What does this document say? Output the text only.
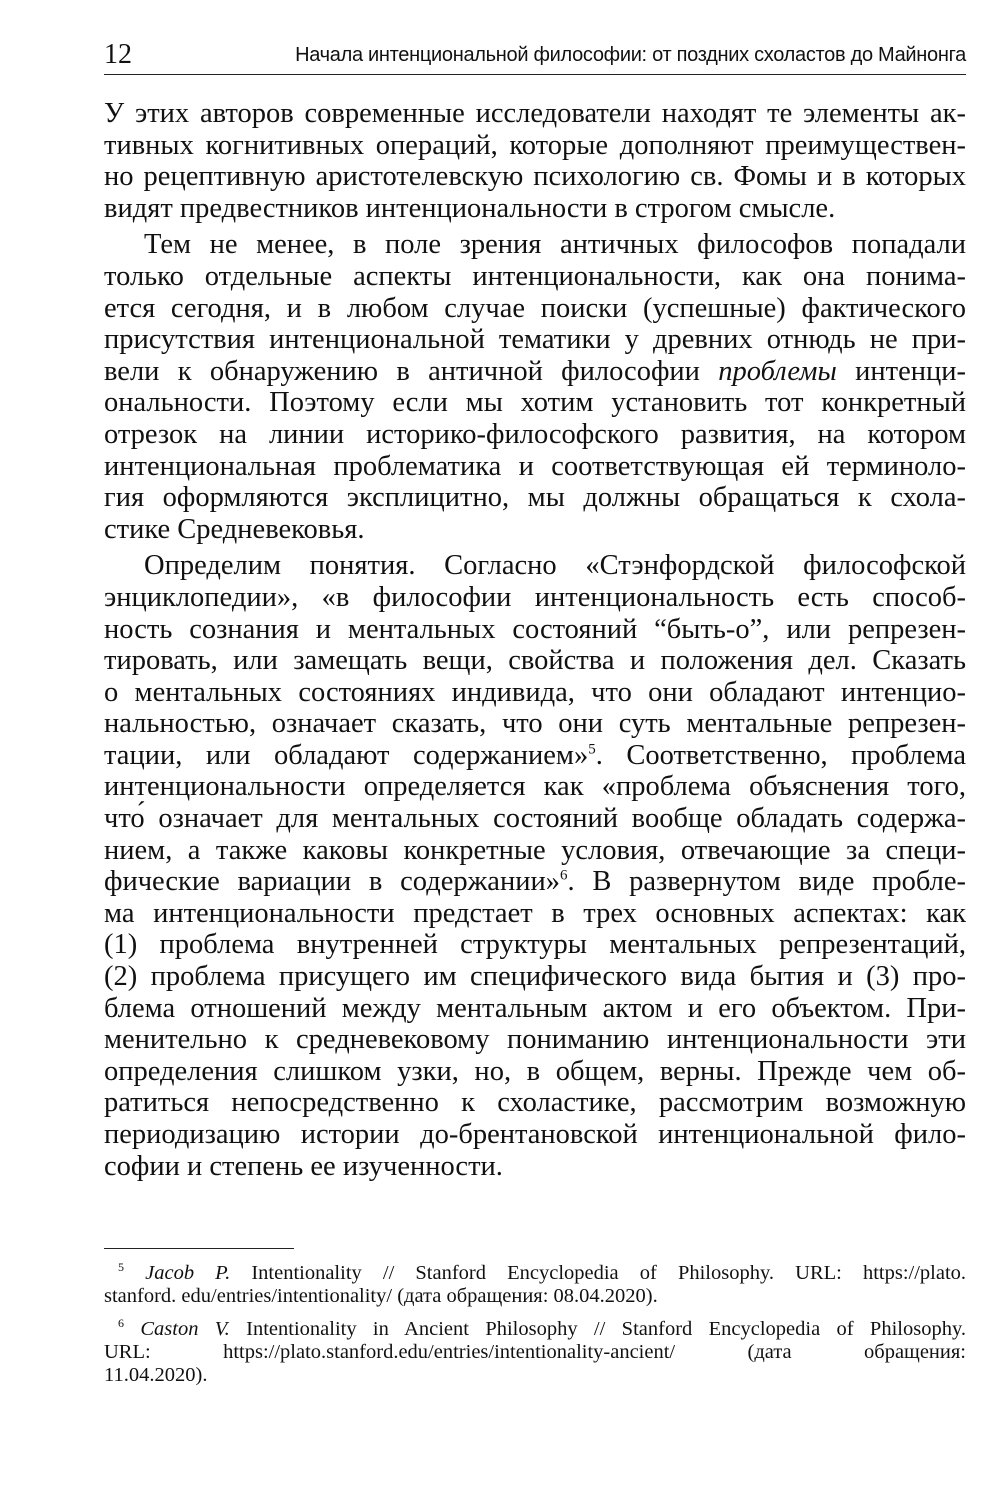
12	Начала интенциональной философии: от поздних схоластов до Майнонга

У этих авторов современные исследователи находят те элементы ак-
тивных когнитивных операций, которые дополняют преимуществен-
но рецептивную аристотелевскую психологию св. Фомы и в которых
видят предвестников интенциональности в строгом смысле.

Тем не менее, в поле зрения античных философов попадали
только отдельные аспекты интенциональности, как она понима-
ется сегодня, и в любом случае поиски (успешные) фактического
присутствия интенциональной тематики у древних отнюдь не при-
вели к обнаружению в античной философии проблемы интенци-
ональности. Поэтому если мы хотим установить тот конкретный
отрезок на линии историко-философского развития, на котором
интенциональная проблематика и соответствующая ей терминоло-
гия оформляются эксплицитно, мы должны обращаться к схола-
стике Средневековья.

Определим понятия. Согласно «Стэнфордской философской
энциклопедии», «в философии интенциональность есть способ-
ность сознания и ментальных состояний “быть-о”, или репрезен-
тировать, или замещать вещи, свойства и положения дел. Сказать
о ментальных состояниях индивида, что они обладают интенцио-
нальностью, означает сказать, что они суть ментальные репрезен-
тации, или обладают содержанием»$^5$. Соответственно, проблема
интенциональности определяется как «проблема объяснения того,
что́ означает для ментальных состояний вообще обладать содержа-
нием, а также каковы конкретные условия, отвечающие за специ-
фические вариации в содержании»$^6$. В развернутом виде пробле-
ма интенциональности предстает в трех основных аспектах: как
(1) проблема внутренней структуры ментальных репрезентаций,
(2) проблема присущего им специфического вида бытия и (3) про-
блема отношений между ментальным актом и его объектом. При-
менительно к средневековому пониманию интенциональности эти
определения слишком узки, но, в общем, верны. Прежде чем об-
ратиться непосредственно к схоластике, рассмотрим возможную
периодизацию истории до-брентановской интенциональной фило-
софии и степень ее изученности.

$^5$ Jacob P. Intentionality // Stanford Encyclopedia of Philosophy. URL: https://plato.
stanford. edu/entries/intentionality/ (дата обращения: 08.04.2020).

$^6$ Caston V. Intentionality in Ancient Philosophy // Stanford Encyclopedia of Philosophy.
URL: https://plato.stanford.edu/entries/intentionality-ancient/ (дата обращения:
11.04.2020).
